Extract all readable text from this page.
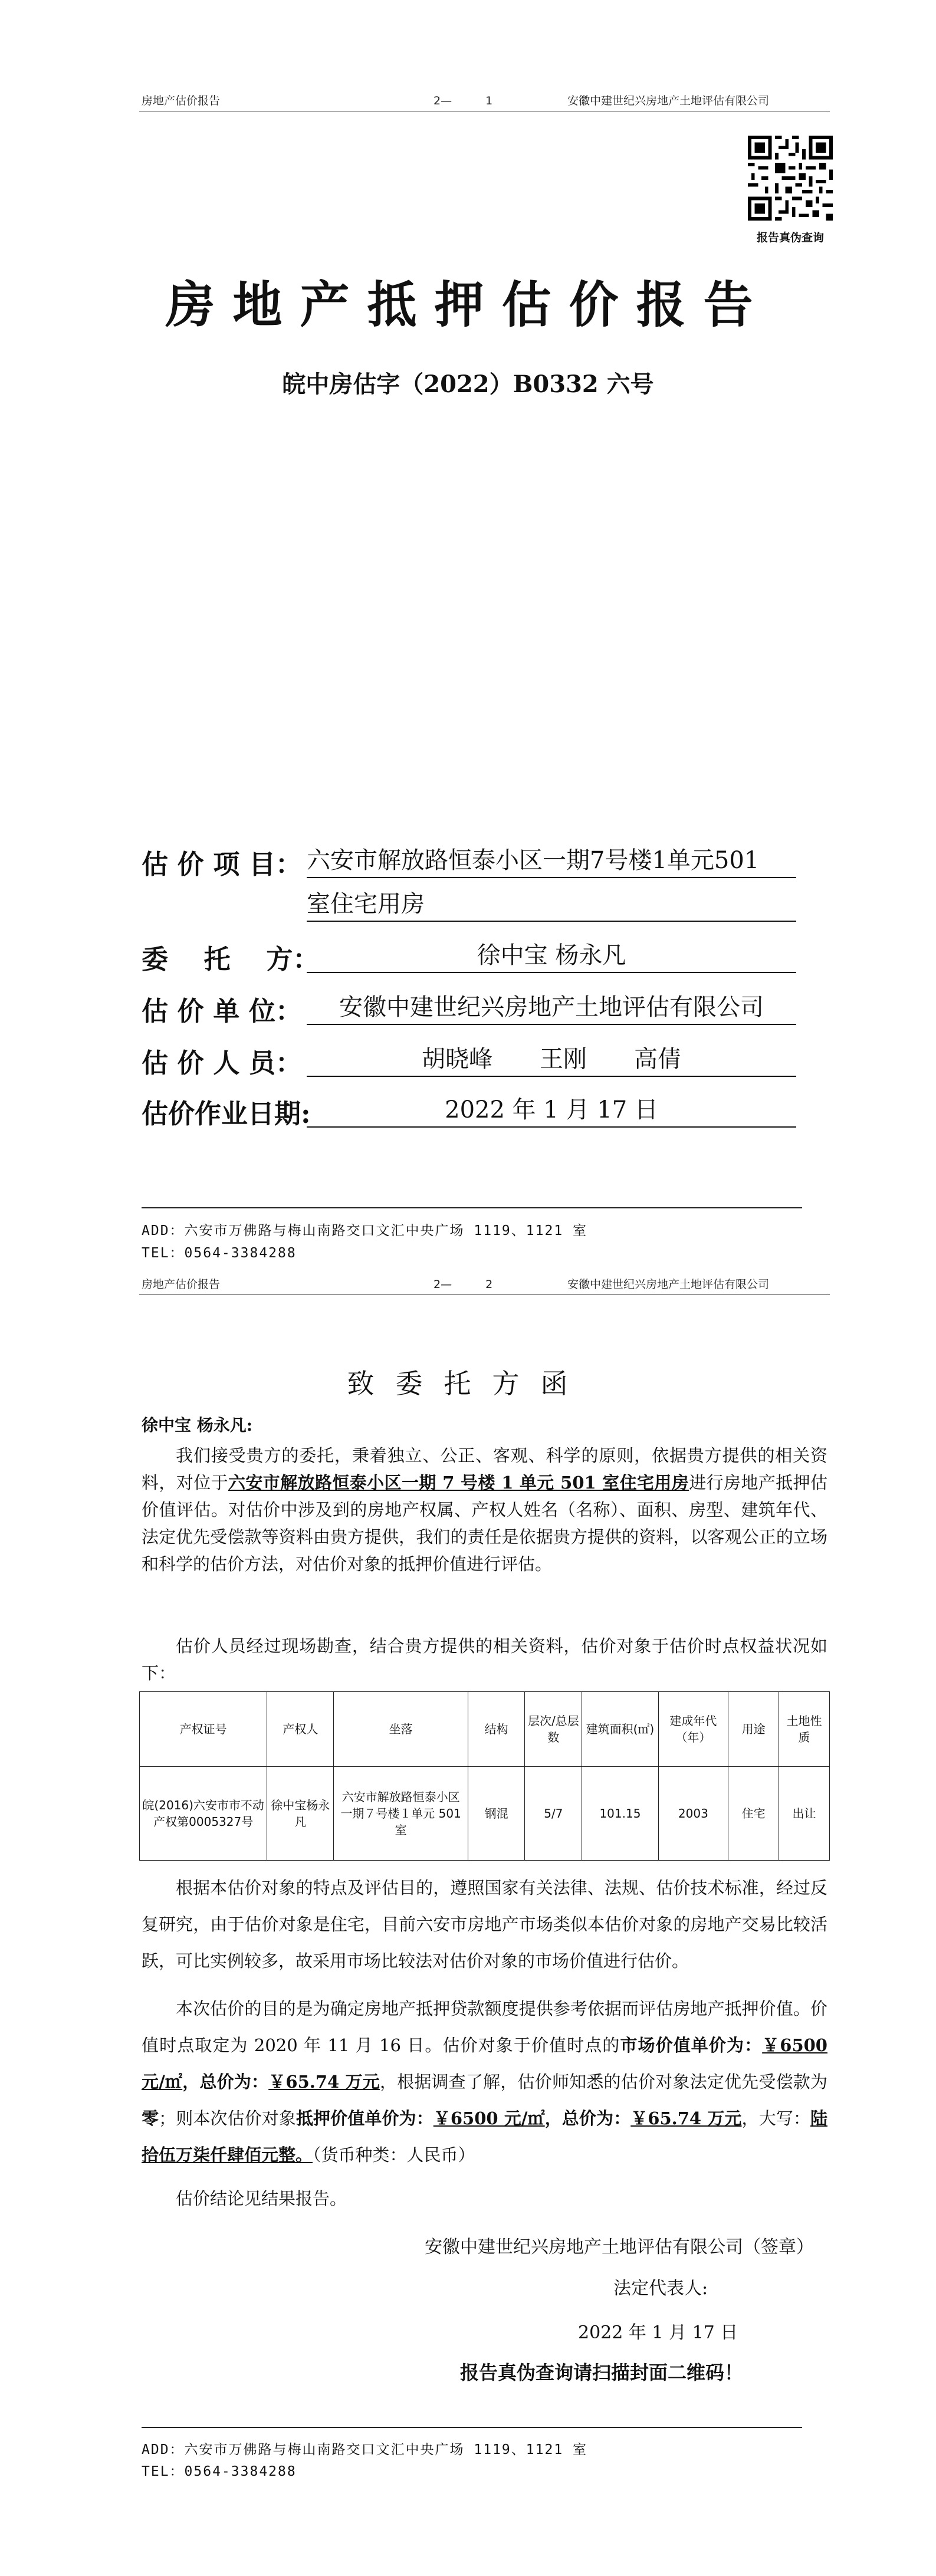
房地产估价报告	2—　　　1	安徽中建世纪兴房地产土地评估有限公司
报告真伪查询
房地产抵押估价报告
皖中房估字（2022）B0332 六号
估 价 项 目： 六安市解放路恒泰小区一期7号楼1单元501
室住宅用房
委　 托　 方：	徐中宝 杨永凡
估 价 单 位：	安徽中建世纪兴房地产土地评估有限公司
估 价 人 员：	胡晓峰　　王刚　　高倩
估价作业日期:	2022 年 1 月 17 日
ADD：六安市万佛路与梅山南路交口文汇中央广场 1119、1121 室
TEL：0564-3384288
房地产估价报告	2—　　　2	安徽中建世纪兴房地产土地评估有限公司
致委托方函
徐中宝 杨永凡:
我们接受贵方的委托，秉着独立、公正、客观、科学的原则，依据贵方提供的相关资料，对位于六安市解放路恒泰小区一期 7 号楼 1 单元 501 室住宅用房进行房地产抵押估价值评估。对估价中涉及到的房地产权属、产权人姓名（名称）、面积、房型、建筑年代、法定优先受偿款等资料由贵方提供，我们的责任是依据贵方提供的资料，以客观公正的立场和科学的估价方法，对估价对象的抵押价值进行评估。
估价人员经过现场勘查，结合贵方提供的相关资料，估价对象于估价时点权益状况如下：
产权证号	产权人	坐落	结构	层次/总层数	建筑面积(㎡)	建成年代（年）	用途	土地性质
皖(2016)六安市市不动产权第0005327号	徐中宝杨永凡	六安市解放路恒泰小区一期７号楼１单元 501 室	钢混	5/7	101.15	2003	住宅	出让
根据本估价对象的特点及评估目的，遵照国家有关法律、法规、估价技术标准，经过反复研究，由于估价对象是住宅，目前六安市房地产市场类似本估价对象的房地产交易比较活跃，可比实例较多，故采用市场比较法对估价对象的市场价值进行估价。
本次估价的目的是为确定房地产抵押贷款额度提供参考依据而评估房地产抵押价值。价值时点取定为 2020 年 11 月 16 日。估价对象于价值时点的市场价值单价为：￥6500 元/㎡，总价为：￥65.74 万元，根据调查了解，估价师知悉的估价对象法定优先受偿款为零；则本次估价对象抵押价值单价为：￥6500 元/㎡，总价为：￥65.74 万元，大写：陆拾伍万柒仟肆佰元整。（货币种类：人民币）
估价结论见结果报告。
安徽中建世纪兴房地产土地评估有限公司（签章）
法定代表人:
2022 年 1 月 17 日
报告真伪查询请扫描封面二维码！
ADD：六安市万佛路与梅山南路交口文汇中央广场 1119、1121 室
TEL：0564-3384288
